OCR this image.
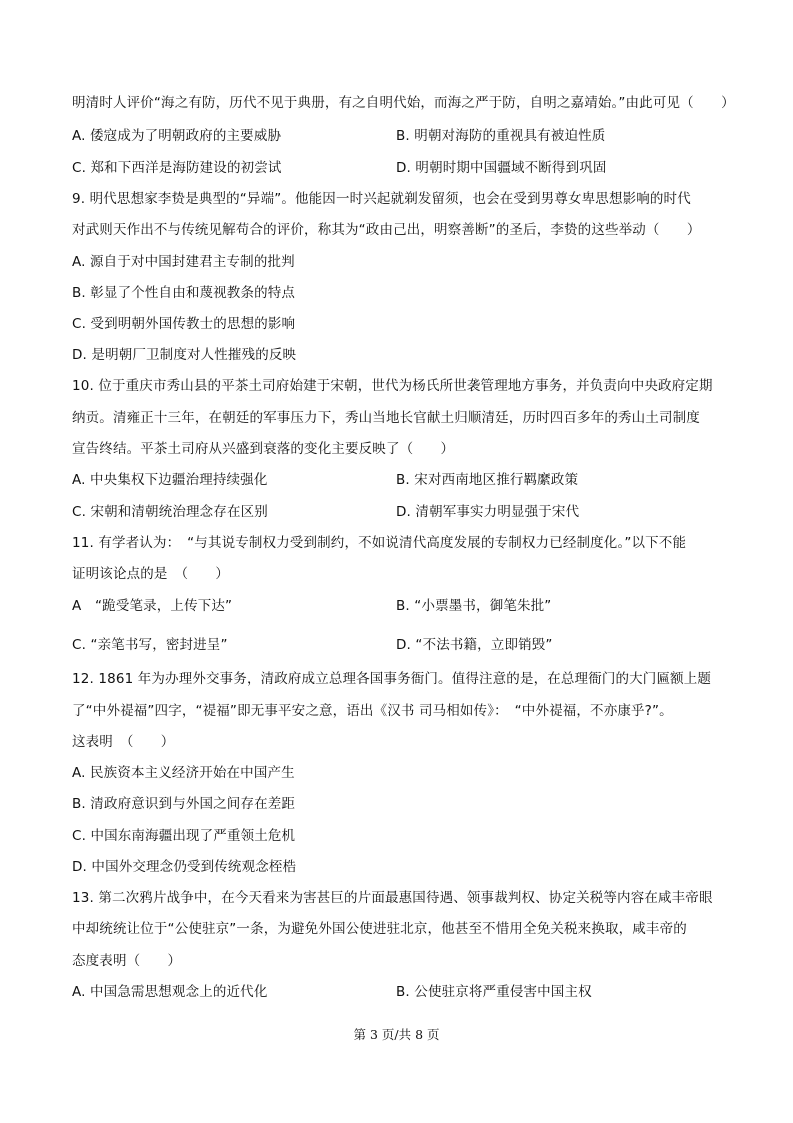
明清时人评价“海之有防，历代不见于典册，有之自明代始，而海之严于防，自明之嘉靖始。”由此可见（　　）
A. 倭寇成为了明朝政府的主要威胁	B. 明朝对海防的重视具有被迫性质
C. 郑和下西洋是海防建设的初尝试	D. 明朝时期中国疆域不断得到巩固
9. 明代思想家李贽是典型的“异端”。他能因一时兴起就剃发留须，也会在受到男尊女卑思想影响的时代
对武则天作出不与传统见解苟合的评价，称其为“政由己出，明察善断”的圣后，李贽的这些举动（　　）
A. 源自于对中国封建君主专制的批判
B. 彰显了个性自由和蔑视教条的特点
C. 受到明朝外国传教士的思想的影响
D. 是明朝厂卫制度对人性摧残的反映
10. 位于重庆市秀山县的平茶土司府始建于宋朝，世代为杨氏所世袭管理地方事务，并负责向中央政府定期
纳贡。清雍正十三年，在朝廷的军事压力下，秀山当地长官献土归顺清廷，历时四百多年的秀山土司制度
宣告终结。平茶土司府从兴盛到衰落的变化主要反映了（　　）
A. 中央集权下边疆治理持续强化	B. 宋对西南地区推行羁縻政策
C. 宋朝和清朝统治理念存在区别	D. 清朝军事实力明显强于宋代
11. 有学者认为：　“与其说专制权力受到制约，不如说清代高度发展的专制权力已经制度化。”以下不能
证明该论点的是　（　　）
A　“跪受笔录，上传下达”	B. “小票墨书，御笔朱批”
C. “亲笔书写，密封进呈”	D. “不法书籍，立即销毁”
12. 1861 年为办理外交事务，清政府成立总理各国事务衙门。值得注意的是，在总理衙门的大门匾额上题
了“中外禔福”四字，“禔福”即无事平安之意，语出《汉书 司马相如传》：　“中外禔福，不亦康乎?”。
这表明　（　　）
A. 民族资本主义经济开始在中国产生
B. 清政府意识到与外国之间存在差距
C. 中国东南海疆出现了严重领土危机
D. 中国外交理念仍受到传统观念桎梏
13. 第二次鸦片战争中，在今天看来为害甚巨的片面最惠国待遇、领事裁判权、协定关税等内容在咸丰帝眼
中却统统让位于“公使驻京”一条，为避免外国公使进驻北京，他甚至不惜用全免关税来换取，咸丰帝的
态度表明（　　）
A. 中国急需思想观念上的近代化	B. 公使驻京将严重侵害中国主权
第 3 页/共 8 页
